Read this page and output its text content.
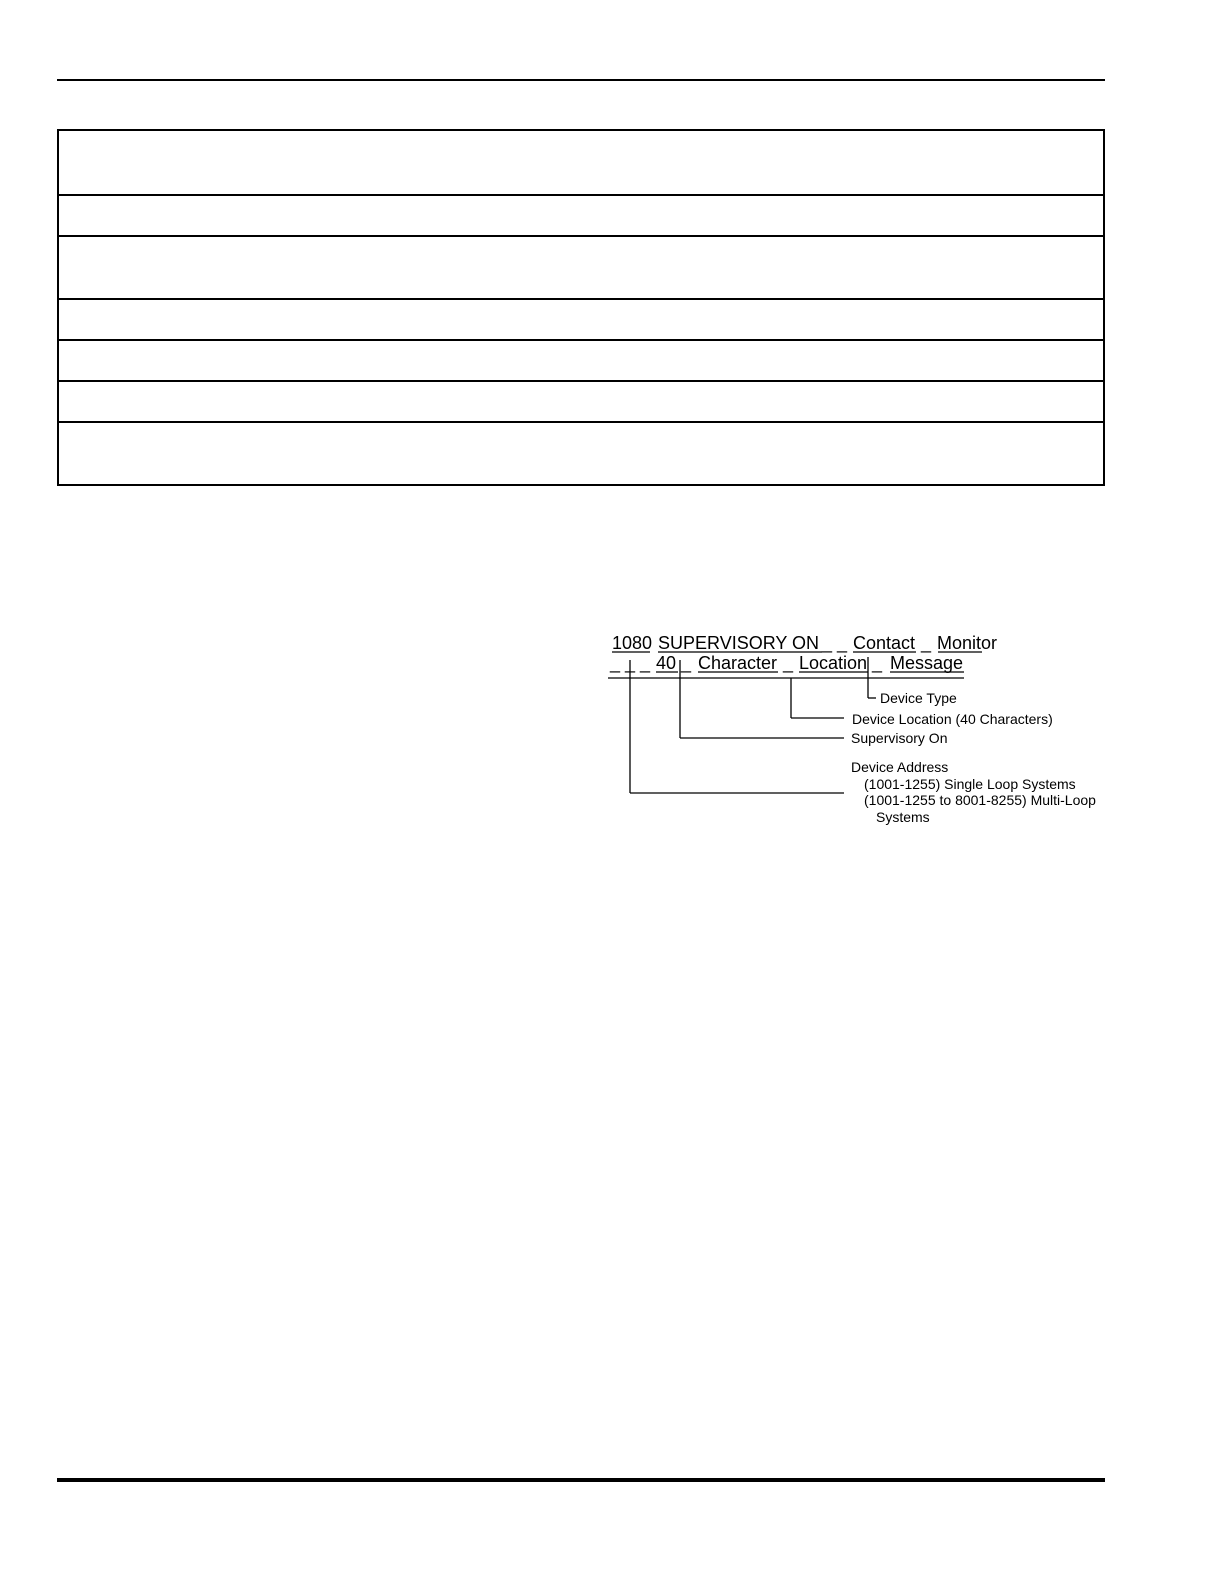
1080 SUPERVISORY ON _ _ Contact _ Monitor
_ _ _ 40 _ Character _ Location _ Message
Device Type
Device Location (40 Characters)
Supervisory On
Device Address
(1001-1255) Single Loop Systems
(1001-1255 to 8001-8255) Multi-Loop
Systems
